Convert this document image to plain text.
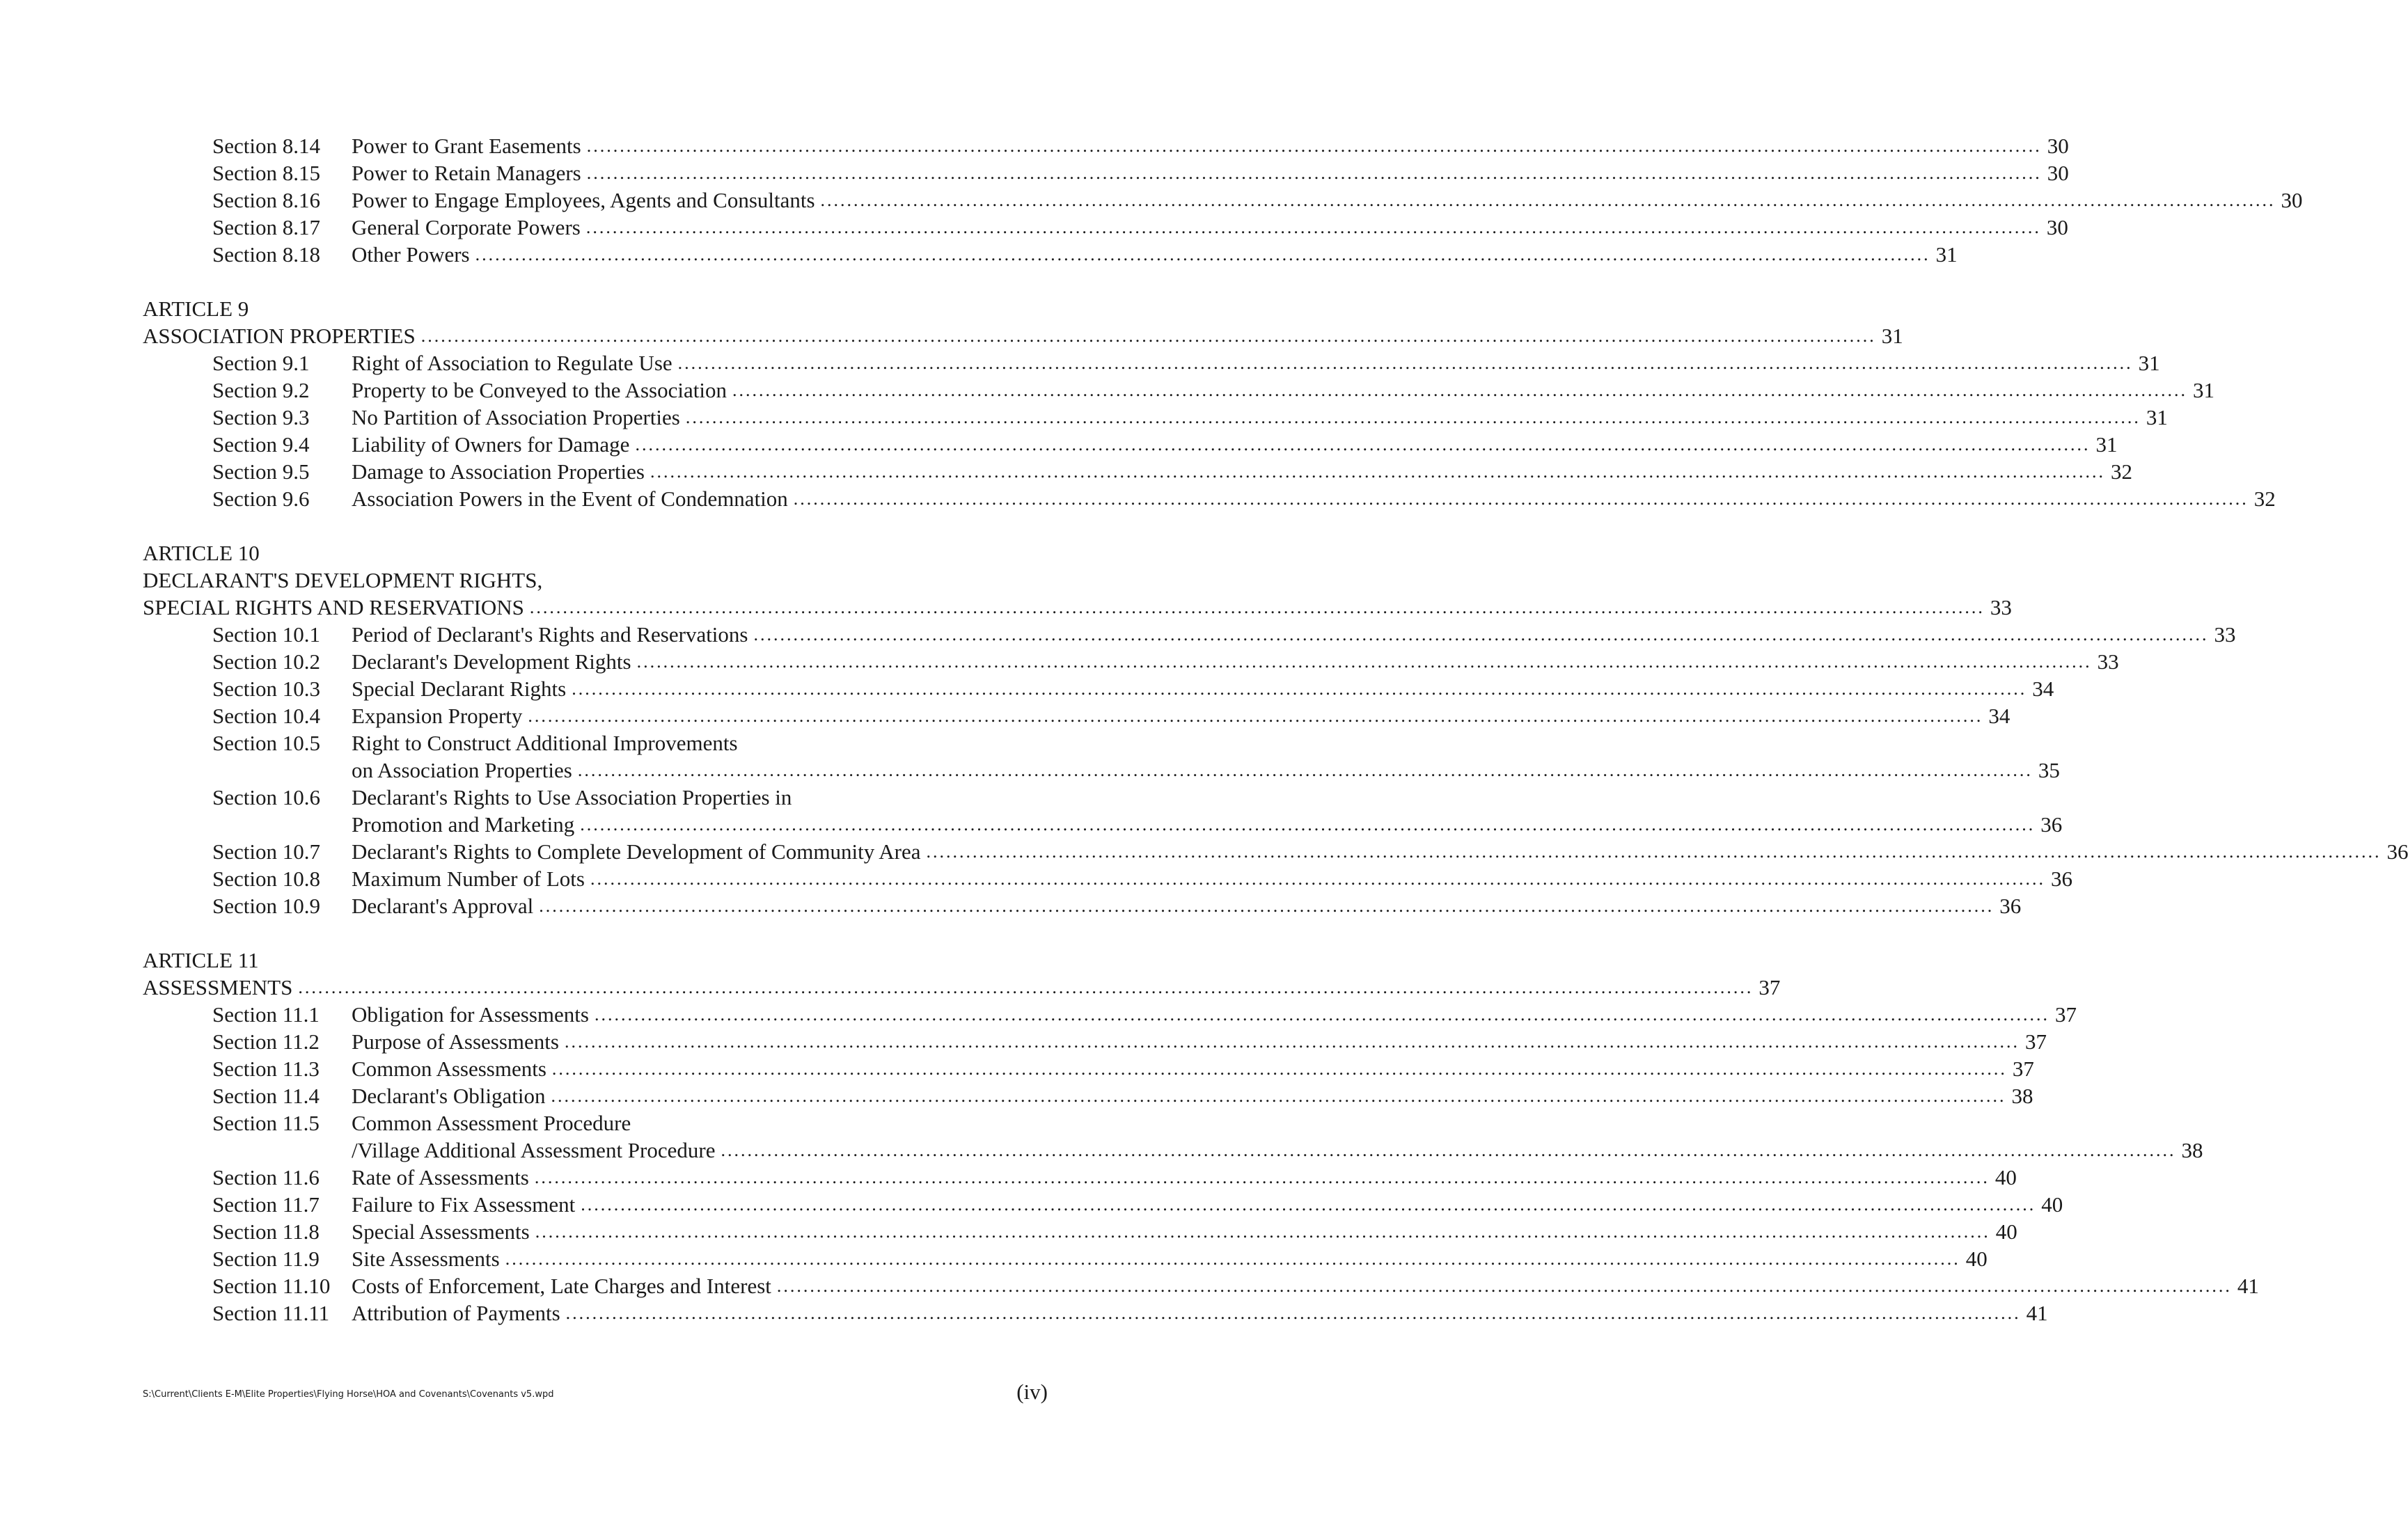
Section 8.14 Power to Grant Easements ............................................................................................................................................................................................................................ 30
Section 8.15 Power to Retain Managers ............................................................................................................................................................................................................................ 30
Section 8.16 Power to Engage Employees, Agents and Consultants ............................................................................................................................................................................................................................ 30
Section 8.17 General Corporate Powers ............................................................................................................................................................................................................................ 30
Section 8.18 Other Powers ............................................................................................................................................................................................................................ 31
ARTICLE 9
ASSOCIATION PROPERTIES ............................................................................................................................................................................................................................ 31
Section 9.1 Right of Association to Regulate Use ............................................................................................................................................................................................................................ 31
Section 9.2 Property to be Conveyed to the Association ............................................................................................................................................................................................................................ 31
Section 9.3 No Partition of Association Properties ............................................................................................................................................................................................................................ 31
Section 9.4 Liability of Owners for Damage ............................................................................................................................................................................................................................ 31
Section 9.5 Damage to Association Properties ............................................................................................................................................................................................................................ 32
Section 9.6 Association Powers in the Event of Condemnation ............................................................................................................................................................................................................................ 32
ARTICLE 10
DECLARANT'S DEVELOPMENT RIGHTS,
SPECIAL RIGHTS AND RESERVATIONS ............................................................................................................................................................................................................................ 33
Section 10.1 Period of Declarant's Rights and Reservations ............................................................................................................................................................................................................................ 33
Section 10.2 Declarant's Development Rights ............................................................................................................................................................................................................................ 33
Section 10.3 Special Declarant Rights ............................................................................................................................................................................................................................ 34
Section 10.4 Expansion Property ............................................................................................................................................................................................................................ 34
Section 10.5 Right to Construct Additional Improvements
on Association Properties ............................................................................................................................................................................................................................ 35
Section 10.6 Declarant's Rights to Use Association Properties in
Promotion and Marketing ............................................................................................................................................................................................................................ 36
Section 10.7 Declarant's Rights to Complete Development of Community Area ............................................................................................................................................................................................................................ 36
Section 10.8 Maximum Number of Lots ............................................................................................................................................................................................................................ 36
Section 10.9 Declarant's Approval ............................................................................................................................................................................................................................ 36
ARTICLE 11
ASSESSMENTS ............................................................................................................................................................................................................................ 37
Section 11.1 Obligation for Assessments ............................................................................................................................................................................................................................ 37
Section 11.2 Purpose of Assessments ............................................................................................................................................................................................................................ 37
Section 11.3 Common Assessments ............................................................................................................................................................................................................................ 37
Section 11.4 Declarant's Obligation ............................................................................................................................................................................................................................ 38
Section 11.5 Common Assessment Procedure
/Village Additional Assessment Procedure ............................................................................................................................................................................................................................ 38
Section 11.6 Rate of Assessments ............................................................................................................................................................................................................................ 40
Section 11.7 Failure to Fix Assessment ............................................................................................................................................................................................................................ 40
Section 11.8 Special Assessments ............................................................................................................................................................................................................................ 40
Section 11.9 Site Assessments ............................................................................................................................................................................................................................ 40
Section 11.10 Costs of Enforcement, Late Charges and Interest ............................................................................................................................................................................................................................ 41
Section 11.11 Attribution of Payments ............................................................................................................................................................................................................................ 41
S:\Current\Clients E-M\Elite Properties\Flying Horse\HOA and Covenants\Covenants v5.wpd	(iv)
